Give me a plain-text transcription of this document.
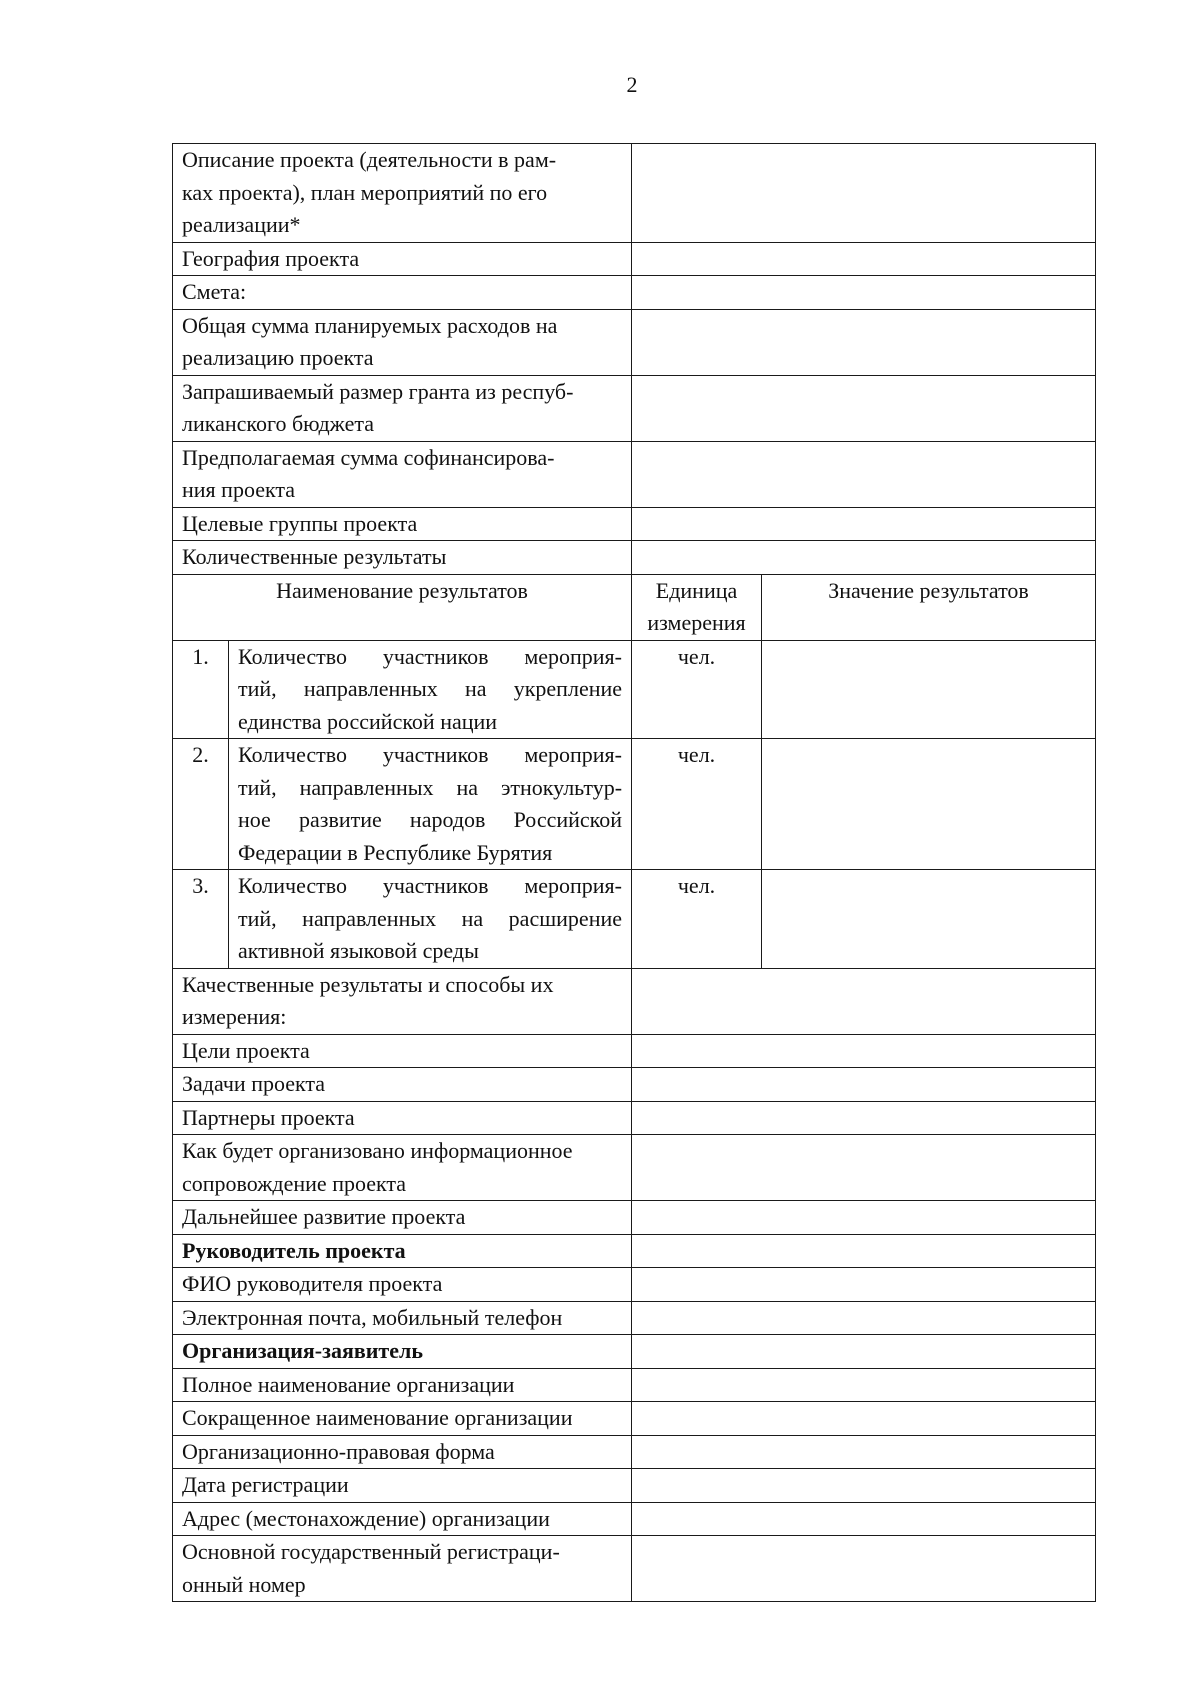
2
Описание проекта (деятельности в рам-
ках проекта), план мероприятий по его
реализации*			

География проекта			

Смета:			

Общая сумма планируемых расходов на
реализацию проекта			

Запрашиваемый размер гранта из респуб-
ликанского бюджета			

Предполагаемая сумма софинансирова-
ния проекта			

Целевые группы проекта			

Количественные результаты			

Наименование результатов		Единица
измерения	Значение результатов
1.	Количество участников мероприя-
тий, направленных на укрепление
единства российской нации	чел.	
2.	Количество участников мероприя-
тий, направленных на этнокультур-
ное развитие народов Российской
Федерации в Республике Бурятия	чел.	
3.	Количество участников мероприя-
тий, направленных на расширение
активной языковой среды	чел.	

Качественные результаты и способы их
измерения:			

Цели проекта			

Задачи проекта			

Партнеры проекта			

Как будет организовано информационное
сопровождение проекта			

Дальнейшее развитие проекта			

Руководитель проекта			

ФИО руководителя проекта			

Электронная почта, мобильный телефон			

Организация-заявитель			

Полное наименование организации			

Сокращенное наименование организации			

Организационно-правовая форма			

Дата регистрации			

Адрес (местонахождение) организации			

Основной государственный регистраци-
онный номер			
